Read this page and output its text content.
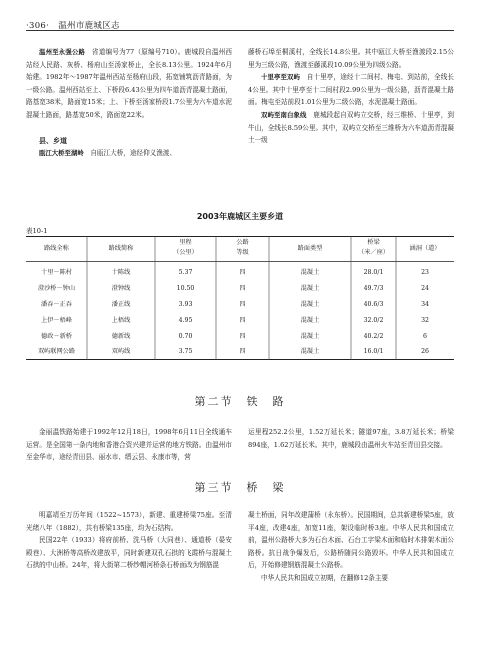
·306· 温州市鹿城区志

温州至永强公路　 省道编号为77（原编号710）。鹿城段自温州西站经人民路、灰桥、杨府山至汤家桥止，全长8.13公里。1924年6月始建。1982年～1987年温州西站至杨府山段，拓宽铺筑沥青路面，为一级公路。温州西站至上、下桥段6.43公里为四车道沥青混凝土路面，路基宽38米，路面宽15米；上、下桥至汤家桥段1.7公里为六车道水泥混凝土路面，路基宽50米，路面宽22米。

县、乡道

瓯江大桥至湖岭　 自瓯江大桥，途经仰义渔渡、

藤桥石埠至桐溪村，全线长14.8公里。其中瓯江大桥至渔渡段2.15公里为三级公路，渔渡至藤溪段10.09公里为四级公路。

十里亭至双屿　 自十里亭，途经十二间村、梅屯、到站前，全线长4公里。其中十里亭至十二间村段2.99公里为一级公路，沥青混凝土路面。梅屯至站前段1.01公里为二级公路，水泥混凝土路面。

双屿至南白象线　 鹿城段起自双屿立交桥，经三维桥、十里亭，到牛山，全线长8.59公里。其中，双屿立交桥至三维桥为六车道沥青混凝土一级

2003年鹿城区主要乡道
表10-1
路线全称	路线简称
里程
（公里）
公路
等级
路面类型
桥梁
（米／座）
涵洞（道）
十里－陈村	十陈线	5.37	四	混凝土	28.0/1	23
澄沙桥－钟山	澄钟线	10.50	四	混凝土	49.7/3	24
潘吞－正吞	潘正线	3.93	四	混凝土	40.6/3	34
上伊－梧峰	上梧线	4.95	四	混凝土	32.0/2	32
德政－新桥	德新线	0.70	四	混凝土	40.2/2	6
双屿联网公路	双屿线	3.75	四	混凝土	16.0/1	26
第二节　铁　路

金丽温铁路始建于1992年12月18日，1998年6月11日全线通车运营。是全国第一条内地和香港合资兴建并运营的地方铁路。由温州市至金华市，途经青田县、丽水市、缙云县、永康市等，营

运里程252.2公里，1.52万延长米；隧道97座，3.8万延长米；桥梁894座，1.62万延长米。其中，鹿城段由温州火车站至青田县交接。

第三节　桥　梁

明嘉靖至万历年间（1522~1573），新建、重建桥梁75座。至清光绪八年（1882），共有桥梁135座，均为石结构。

民国22年（1933）将府前桥、洗马桥（大同巷）、通道桥（晏安殿巷）、大洲桥等高桥改建放平，同时新建双孔石拱的飞霞桥与混凝土石拱的中山桥。24年，将大街第二桥纱帽河桥条石桥面改为钢筋混

凝土桥面，同年改建蒲桥（永东桥）。民国期间，总共新建桥梁5座，放平4座，改建4座，加宽11座，架设临时桥3座。中华人民共和国成立前，温州公路桥大多为石台木面、石台工字梁木面和临时木排架木面公路桥。抗日战争爆发后，公路桥随同公路毁坏。中华人民共和国成立后，开始修建钢筋混凝土公路桥。

中华人民共和国成立初期，在翻修12条主要
